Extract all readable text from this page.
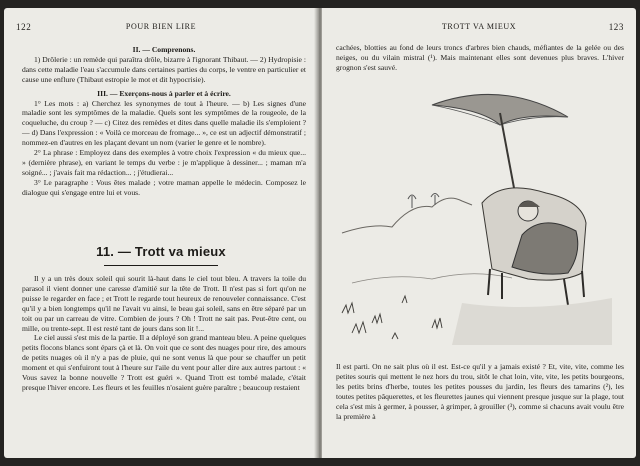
122	POUR BIEN LIRE

II. — Comprenons.

1) Drôlerie : un remède qui paraîtra drôle, bizarre à l'ignorant Thibaut. — 2) Hydropisie : dans cette maladie l'eau s'accumule dans certaines parties du corps, le ventre en particulier et cause une enflure (Thibaut estropie le mot et dit hypocrisie).

III. — Exerçons-nous à parler et à écrire.

1° Les mots : a) Cherchez les synonymes de tout à l'heure. — b) Les signes d'une maladie sont les symptômes de la maladie. Quels sont les symptômes de la rougeole, de la coqueluche, du croup ? — c) Citez des remèdes et dites dans quelle maladie ils s'emploient ? — d) Dans l'expression : « Voilà ce morceau de fromage... », ce est un adjectif démonstratif ; nommez-en d'autres en les plaçant devant un nom (varier le genre et le nombre).

2° La phrase : Employez dans des exemples à votre choix l'expression « du mieux que... » (dernière phrase), en variant le temps du verbe : je m'applique à dessiner... ; maman m'a soigné... ; j'avais fait ma rédaction... ; j'étudierai...

3° Le paragraphe : Vous êtes malade ; votre maman appelle le médecin. Composez le dialogue qui s'engage entre lui et vous.

11. — Trott va mieux

Il y a un très doux soleil qui sourit là-haut dans le ciel tout bleu. A travers la toile du parasol il vient donner une caresse d'amitié sur la tête de Trott. Il n'est pas si fort qu'on ne puisse le regarder en face ; et Trott le regarde tout heureux de renouveler connaissance. C'est qu'il y a bien longtemps qu'il ne l'avait vu ainsi, le beau gai soleil, sans en être séparé par un toit ou par un carreau de vitre. Combien de jours ? Oh ! Trott ne sait pas. Peut-être cent, ou mille, ou trente-sept. Il est resté tant de jours dans son lit !...

Le ciel aussi s'est mis de la partie. Il a déployé son grand manteau bleu. A peine quelques petits flocons blancs sont épars çà et là. On voit que ce sont des nuages pour rire, des amours de petits nuages où il n'y a pas de pluie, qui ne sont venus là que pour se chauffer un petit moment et qui s'enfuiront tout à l'heure sur l'aile du vent pour aller dire aux autres partout : « Vous savez la bonne nouvelle ? Trott est guéri ». Quand Trott est tombé malade, c'était presque l'hiver encore. Les fleurs et les feuilles n'osaient guère paraître ; beaucoup restaient

TROTT VA MIEUX	123
cachées, blotties au fond de leurs troncs d'arbres bien chauds, méfiantes de la gelée ou des neiges, ou du vilain mistral (¹). Mais maintenant elles sont devenues plus braves. L'hiver grognon s'est sauvé.
Il est parti. On ne sait plus où il est. Est-ce qu'il y a jamais existé ? Et, vite, vite, comme les petites souris qui mettent le nez hors du trou, sitôt le chat loin, vite, vite, les petits bourgeons, les petits brins d'herbe, toutes les petites pousses du jardin, les fleurs des tamarins (²), les toutes petites pâquerettes, et les fleurettes jaunes qui viennent presque jusque sur la plage, tout cela s'est mis à germer, à pousser, à grimper, à grouiller (³), comme si chacuns avait voulu être la première à
